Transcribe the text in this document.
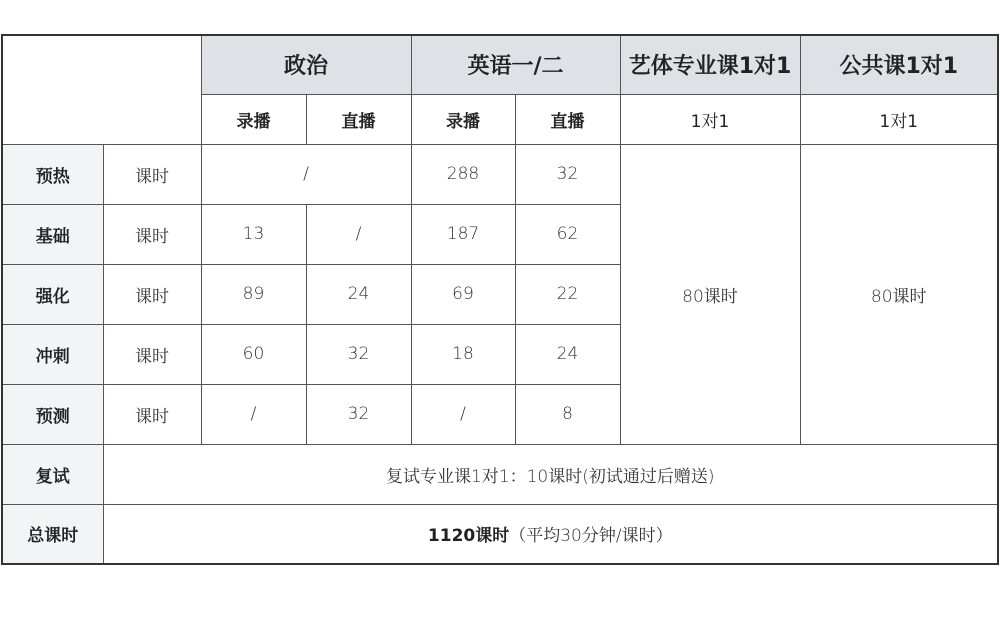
		政治		英语一/二		艺体专业课1对1	公共课1对1
		录播	直播	录播	直播	1对1	1对1
预热	课时	/		288	32	80课时	80课时
基础	课时	13	/	187	62		
强化	课时	89	24	69	22		
冲刺	课时	60	32	18	24		
预测	课时	/	32	/	8		
复试	复试专业课1对1：10课时(初试通过后赠送)						
总课时	1120课时（平均30分钟/课时）						
